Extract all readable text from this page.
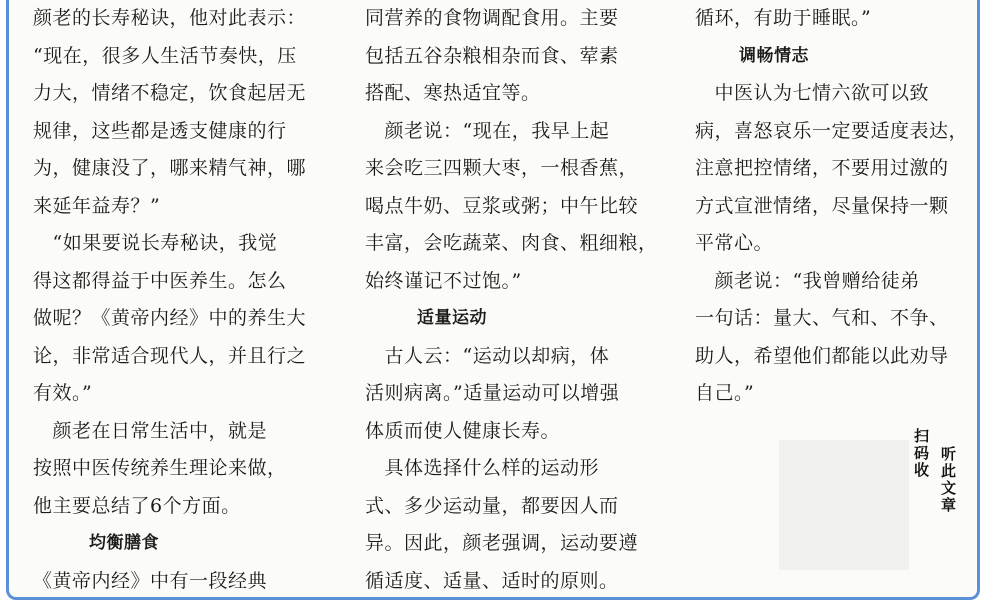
颜老的长寿秘诀，他对此表示：
“现在，很多人生活节奏快，压
力大，情绪不稳定，饮食起居无
规律，这些都是透支健康的行
为，健康没了，哪来精气神，哪
来延年益寿？”
　“如果要说长寿秘诀，我觉
得这都得益于中医养生。怎么
做呢？《黄帝内经》中的养生大
论，非常适合现代人，并且行之
有效。”
　颜老在日常生活中，就是
按照中医传统养生理论来做，
他主要总结了6个方面。
均衡膳食
《黄帝内经》中有一段经典
同营养的食物调配食用。主要
包括五谷杂粮相杂而食、荤素
搭配、寒热适宜等。
　颜老说：“现在，我早上起
来会吃三四颗大枣，一根香蕉，
喝点牛奶、豆浆或粥；中午比较
丰富，会吃蔬菜、肉食、粗细粮，
始终谨记不过饱。”
适量运动
　古人云：“运动以却病，体
活则病离。”适量运动可以增强
体质而使人健康长寿。
　具体选择什么样的运动形
式、多少运动量，都要因人而
异。因此，颜老强调，运动要遵
循适度、适量、适时的原则。
循环，有助于睡眠。”
调畅情志
　中医认为七情六欲可以致
病，喜怒哀乐一定要适度表达，
注意把控情绪，不要用过激的
方式宣泄情绪，尽量保持一颗
平常心。
　颜老说：“我曾赠给徒弟
一句话：量大、气和、不争、
助人，希望他们都能以此劝导
自己。”
扫码收 听此文章
